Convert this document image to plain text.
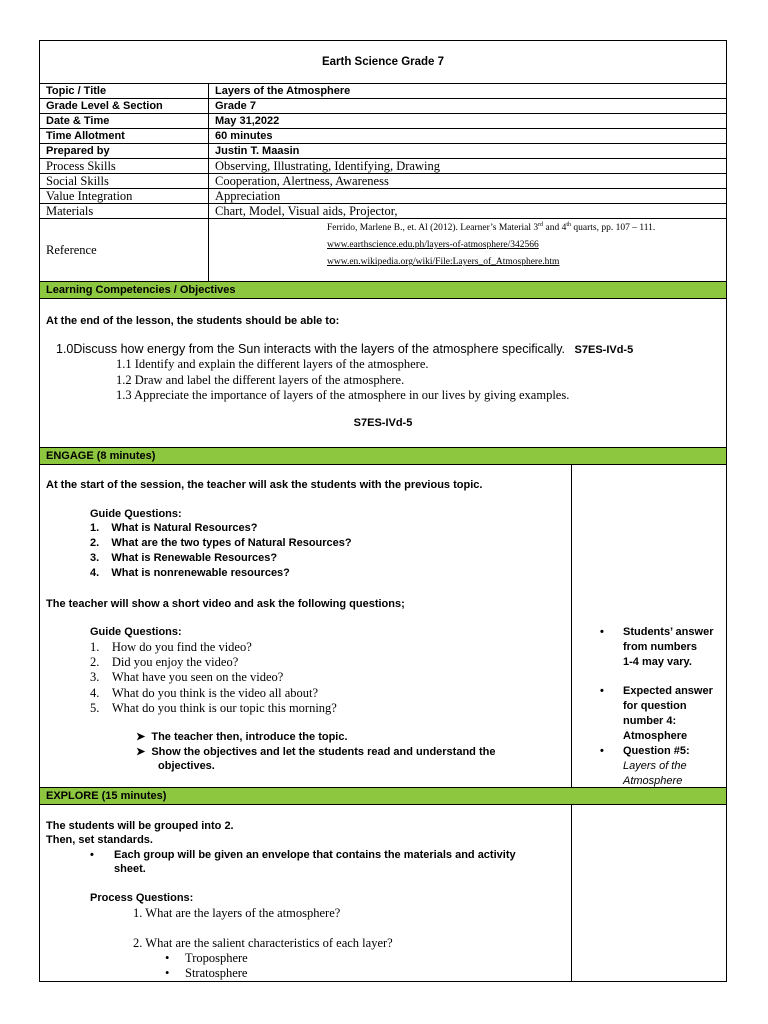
Earth Science Grade 7
Topic / Title	Layers of the Atmosphere
Grade Level & Section	Grade 7
Date & Time	May 31,2022
Time Allotment	60 minutes
Prepared by	Justin T. Maasin
Process Skills	Observing, Illustrating, Identifying, Drawing
Social Skills	Cooperation, Alertness, Awareness
Value Integration	Appreciation
Materials	Chart, Model, Visual aids, Projector,
Reference	Ferrido, Marlene B., et. Al (2012). Learner’s Material 3rd and 4th quarts, pp. 107 – 111.
www.earthscience.edu.ph/layers-of-atmosphere/342566
www.en.wikipedia.org/wiki/File:Layers_of_Atmosphere.htm
Learning Competencies / Objectives
At the end of the lesson, the students should be able to:
1.0Discuss how energy from the Sun interacts with the layers of the atmosphere specifically. S7ES-IVd-5
1.1 Identify and explain the different layers of the atmosphere.
1.2 Draw and label the different layers of the atmosphere.
1.3 Appreciate the importance of layers of the atmosphere in our lives by giving examples.
S7ES-IVd-5
ENGAGE (8 minutes)
At the start of the session, the teacher will ask the students with the previous topic.
Guide Questions:
1.    What is Natural Resources?
2.    What are the two types of Natural Resources?
3.    What is Renewable Resources?
4.    What is nonrenewable resources?
The teacher will show a short video and ask the following questions;
Guide Questions:
1.    How do you find the video?
2.    Did you enjoy the video?
3.    What have you seen on the video?
4.    What do you think is the video all about?
5.    What do you think is our topic this morning?
➤ The teacher then, introduce the topic.
➤ Show the objectives and let the students read and understand the
objectives.
• Students’ answer
from numbers
1-4 may vary.
• Expected answer
for question
number 4:
Atmosphere
• Question #5:
Layers of the
Atmosphere
EXPLORE (15 minutes)
The students will be grouped into 2.
Then, set standards.
• Each group will be given an envelope that contains the materials and activity
sheet.
Process Questions:
1. What are the layers of the atmosphere?
2. What are the salient characteristics of each layer?
• Troposphere
• Stratosphere
